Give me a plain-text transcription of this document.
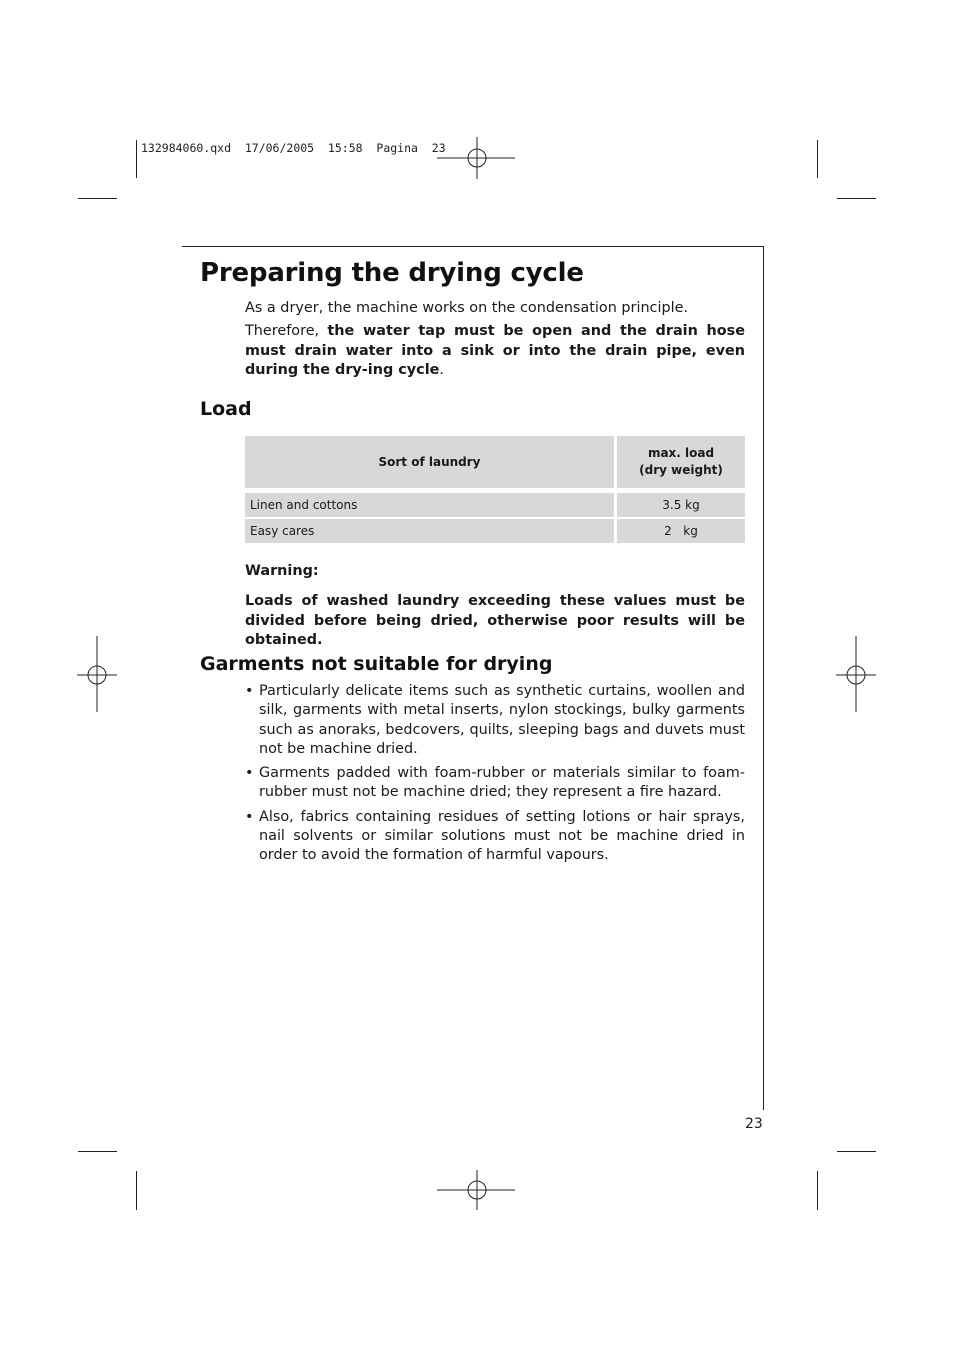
132984060.qxd  17/06/2005  15:58  Pagina  23
Preparing the drying cycle

As a dryer, the machine works on the condensation principle.

Therefore, the water tap must be open and the drain hose must drain water into a sink or into the drain pipe, even during the dry-ing cycle.

Load
Sort of laundry	max. load
(dry weight)

Linen and cottons	3.5 kg

Easy cares	2   kg

Warning:

Loads of washed laundry exceeding these values must be divided before being dried, otherwise poor results will be obtained.

Garments not suitable for drying
• Particularly delicate items such as synthetic curtains, woollen and silk, garments with metal inserts, nylon stockings, bulky garments such as anoraks, bedcovers, quilts, sleeping bags and duvets must not be machine dried.
• Garments padded with foam-rubber or materials similar to foam-rubber must not be machine dried; they represent a fire hazard.
• Also, fabrics containing residues of setting lotions or hair sprays, nail solvents or similar solutions must not be machine dried in order to avoid the formation of harmful vapours.
23
